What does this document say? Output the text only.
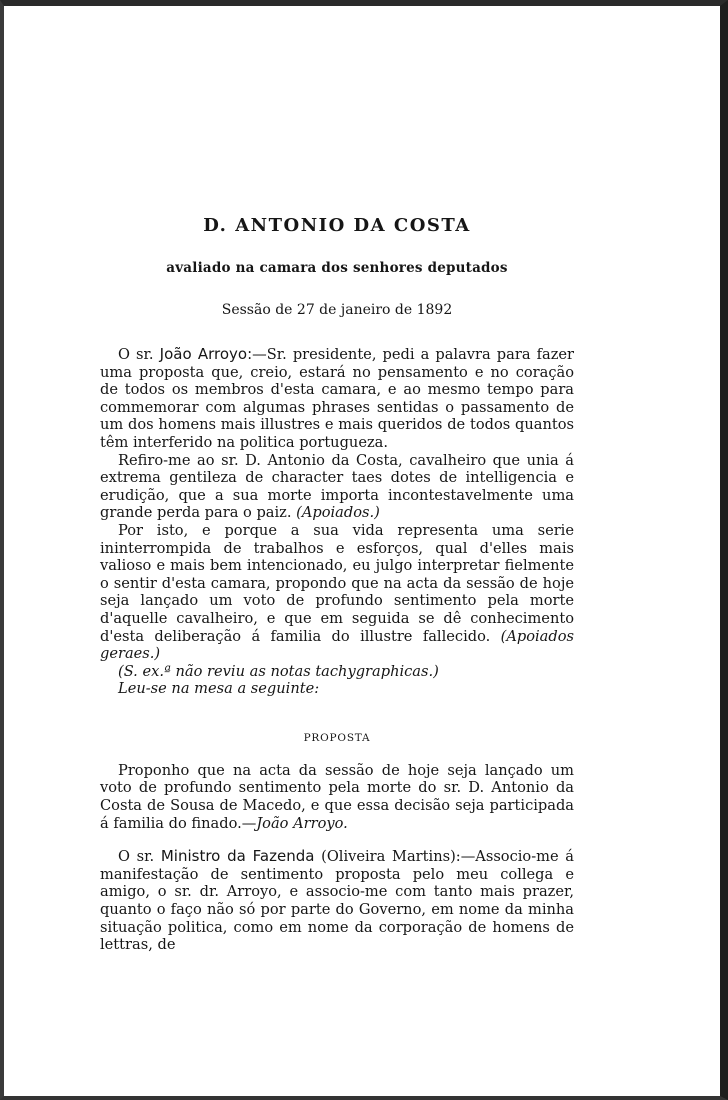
D. ANTONIO DA COSTA
avaliado na camara dos senhores deputados
Sessão de 27 de janeiro de 1892

O sr. João Arroyo:—Sr. presidente, pedi a palavra para fazer uma proposta que, creio, estará no pensamento e no coração de todos os membros d'esta camara, e ao mesmo tempo para commemorar com algumas phrases sentidas o passamento de um dos homens mais illustres e mais queridos de todos quantos têm interferido na politica portugueza.

Refiro-me ao sr. D. Antonio da Costa, cavalheiro que unia á extrema gentileza de character taes dotes de intelligencia e erudição, que a sua morte importa incontestavelmente uma grande perda para o paiz. (Apoiados.)

Por isto, e porque a sua vida representa uma serie ininterrompida de trabalhos e esforços, qual d'elles mais valioso e mais bem intencionado, eu julgo interpretar fielmente o sentir d'esta camara, propondo que na acta da sessão de hoje seja lançado um voto de profundo sentimento pela morte d'aquelle cavalheiro, e que em seguida se dê conhecimento d'esta deliberação á familia do illustre fallecido. (Apoiados geraes.)

(S. ex.ª não reviu as notas tachygraphicas.)

Leu-se na mesa a seguinte:

PROPOSTA

Proponho que na acta da sessão de hoje seja lançado um voto de profundo sentimento pela morte do sr. D. Antonio da Costa de Sousa de Macedo, e que essa decisão seja participada á familia do finado.—João Arroyo.

O sr. Ministro da Fazenda (Oliveira Martins):—Associo-me á manifestação de sentimento proposta pelo meu collega e amigo, o sr. dr. Arroyo, e associo-me com tanto mais prazer, quanto o faço não só por parte do Governo, em nome da minha situação politica, como em nome da corporação de homens de lettras, de
